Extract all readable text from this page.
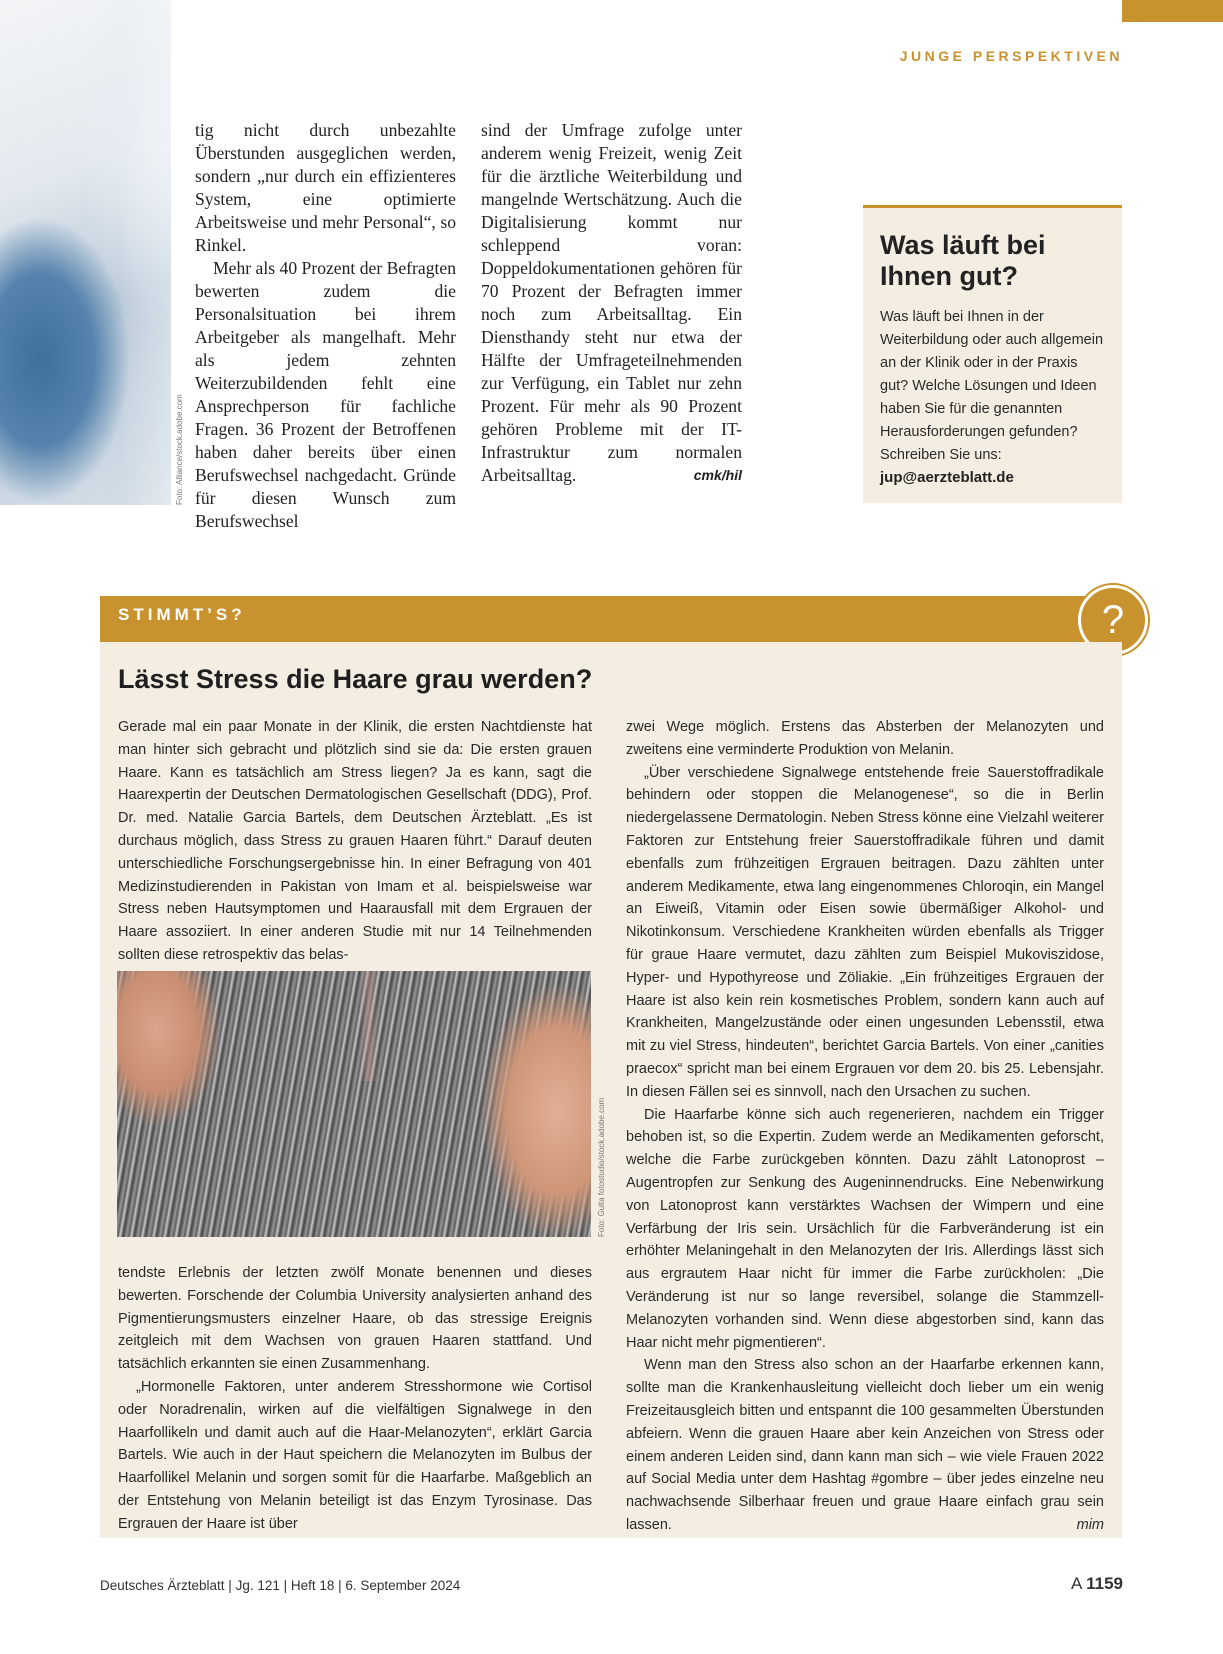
JUNGE PERSPEKTIVEN
Foto: Alliance/stock.adobe.com

tig nicht durch unbezahlte Überstunden ausgeglichen werden, sondern „nur durch ein effizienteres System, eine optimierte Arbeitsweise und mehr Personal“, so Rinkel.

Mehr als 40 Prozent der Befragten bewerten zudem die Personalsituation bei ihrem Arbeitgeber als mangelhaft. Mehr als jedem zehnten Weiterzubildenden fehlt eine Ansprechperson für fachliche Fragen. 36 Prozent der Betroffenen haben daher bereits über einen Berufswechsel nachgedacht. Gründe für diesen Wunsch zum Berufswechsel

sind der Umfrage zufolge unter anderem wenig Freizeit, wenig Zeit für die ärztliche Weiterbildung und mangelnde Wertschätzung. Auch die Digitalisierung kommt nur schleppend voran: Doppeldokumentationen gehören für 70 Prozent der Befragten immer noch zum Arbeitsalltag. Ein Diensthandy steht nur etwa der Hälfte der Umfrageteilnehmenden zur Verfügung, ein Tablet nur zehn Prozent. Für mehr als 90 Prozent gehören Probleme mit der IT-Infrastruktur zum normalen Arbeitsalltag.	cmk/hil

Was läuft bei Ihnen gut?
Was läuft bei Ihnen in der Weiterbildung oder auch allgemein an der Klinik oder in der Praxis gut? Welche Lösungen und Ideen haben Sie für die genannten Herausforderungen gefunden? Schreiben Sie uns:
jup@aerzteblatt.de
STIMMT’S?	?
Lässt Stress die Haare grau werden?

Gerade mal ein paar Monate in der Klinik, die ersten Nachtdienste hat man hinter sich gebracht und plötzlich sind sie da: Die ersten grauen Haare. Kann es tatsächlich am Stress liegen? Ja es kann, sagt die Haarexpertin der Deutschen Dermatologischen Gesellschaft (DDG), Prof. Dr. med. Natalie Garcia Bartels, dem Deutschen Ärzteblatt. „Es ist durchaus möglich, dass Stress zu grauen Haaren führt.“ Darauf deuten unterschiedliche Forschungsergebnisse hin. In einer Befragung von 401 Medizinstudierenden in Pakistan von Imam et al. beispielsweise war Stress neben Hautsymptomen und Haarausfall mit dem Ergrauen der Haare assoziiert. In einer anderen Studie mit nur 14 Teilnehmenden sollten diese retrospektiv das belas-

Foto: Gulta fotostudio/stock.adobe.com

tendste Erlebnis der letzten zwölf Monate benennen und dieses bewerten. Forschende der Columbia University analysierten anhand des Pigmentierungsmusters einzelner Haare, ob das stressige Ereignis zeitgleich mit dem Wachsen von grauen Haaren stattfand. Und tatsächlich erkannten sie einen Zusammenhang.

„Hormonelle Faktoren, unter anderem Stresshormone wie Cortisol oder Noradrenalin, wirken auf die vielfältigen Signalwege in den Haarfollikeln und damit auch auf die Haar-Melanozyten“, erklärt Garcia Bartels. Wie auch in der Haut speichern die Melanozyten im Bulbus der Haarfollikel Melanin und sorgen somit für die Haarfarbe. Maßgeblich an der Entstehung von Melanin beteiligt ist das Enzym Tyrosinase. Das Ergrauen der Haare ist über

zwei Wege möglich. Erstens das Absterben der Melanozyten und zweitens eine verminderte Produktion von Melanin.

„Über verschiedene Signalwege entstehende freie Sauerstoffradikale behindern oder stoppen die Melanogenese“, so die in Berlin niedergelassene Dermatologin. Neben Stress könne eine Vielzahl weiterer Faktoren zur Entstehung freier Sauerstoffradikale führen und damit ebenfalls zum frühzeitigen Ergrauen beitragen. Dazu zählten unter anderem Medikamente, etwa lang eingenommenes Chloroqin, ein Mangel an Eiweiß, Vitamin oder Eisen sowie übermäßiger Alkohol- und Nikotinkonsum. Verschiedene Krankheiten würden ebenfalls als Trigger für graue Haare vermutet, dazu zählten zum Beispiel Mukoviszidose, Hyper- und Hypothyreose und Zöliakie. „Ein frühzeitiges Ergrauen der Haare ist also kein rein kosmetisches Problem, sondern kann auch auf Krankheiten, Mangelzustände oder einen ungesunden Lebensstil, etwa mit zu viel Stress, hindeuten“, berichtet Garcia Bartels. Von einer „canities praecox“ spricht man bei einem Ergrauen vor dem 20. bis 25. Lebensjahr. In diesen Fällen sei es sinnvoll, nach den Ursachen zu suchen.

Die Haarfarbe könne sich auch regenerieren, nachdem ein Trigger behoben ist, so die Expertin. Zudem werde an Medikamenten geforscht, welche die Farbe zurückgeben könnten. Dazu zählt Latonoprost – Augentropfen zur Senkung des Augeninnendrucks. Eine Nebenwirkung von Latonoprost kann verstärktes Wachsen der Wimpern und eine Verfärbung der Iris sein. Ursächlich für die Farbveränderung ist ein erhöhter Melaningehalt in den Melanozyten der Iris. Allerdings lässt sich aus ergrautem Haar nicht für immer die Farbe zurückholen: „Die Veränderung ist nur so lange reversibel, solange die Stammzell-Melanozyten vorhanden sind. Wenn diese abgestorben sind, kann das Haar nicht mehr pigmentieren“.

Wenn man den Stress also schon an der Haarfarbe erkennen kann, sollte man die Krankenhausleitung vielleicht doch lieber um ein wenig Freizeitausgleich bitten und entspannt die 100 gesammelten Überstunden abfeiern. Wenn die grauen Haare aber kein Anzeichen von Stress oder einem anderen Leiden sind, dann kann man sich – wie viele Frauen 2022 auf Social Media unter dem Hashtag #gombre – über jedes einzelne neu nachwachsende Silberhaar freuen und graue Haare einfach grau sein lassen.	mim

Deutsches Ärzteblatt | Jg. 121 | Heft 18 | 6. September 2024	A 1159
